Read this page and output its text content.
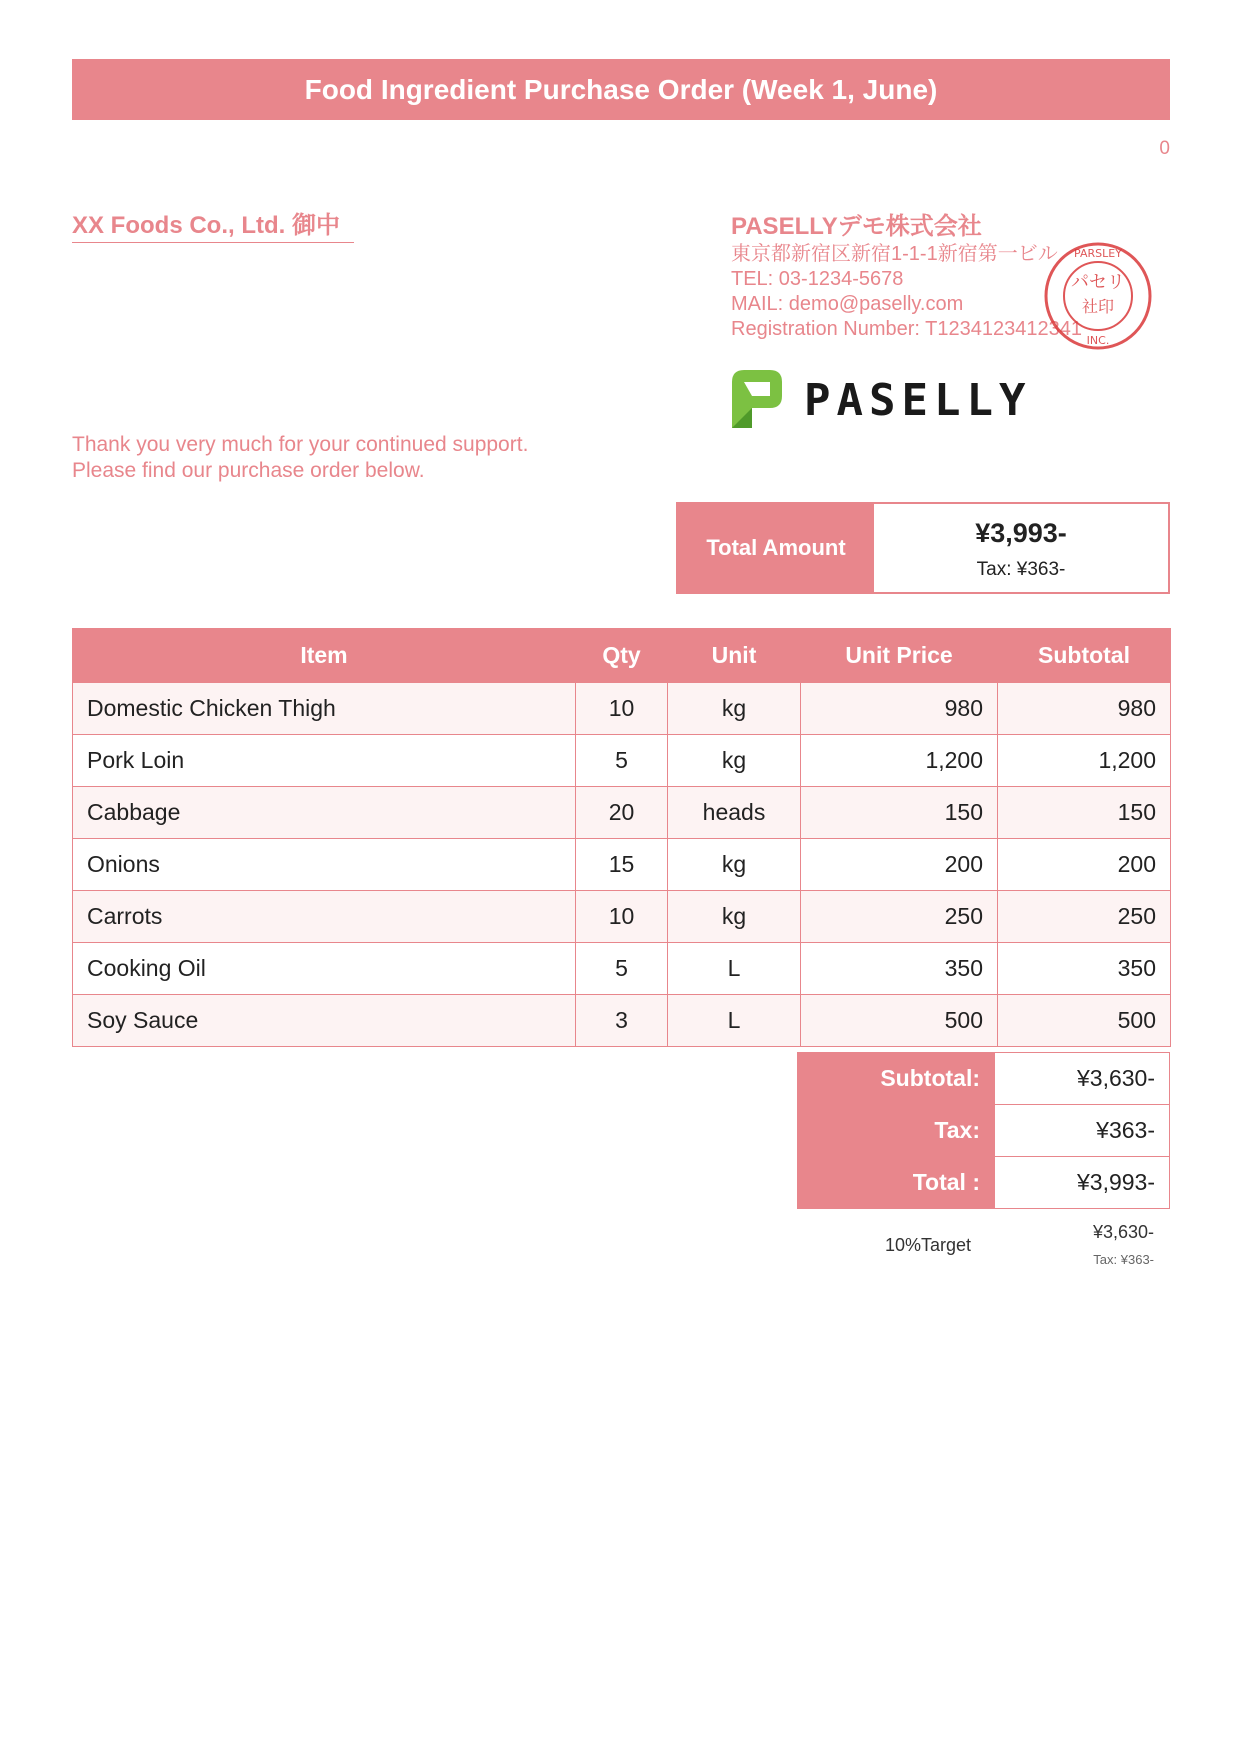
Food Ingredient Purchase Order (Week 1, June)
0
XX Foods Co., Ltd. 御中	PASELLYデモ株式会社
東京都新宿区新宿1-1-1新宿第一ビル
TEL: 03-1234-5678
MAIL: demo@paselly.com
Registration Number: T1234123412341
パセリ
社印
PARSLEY
INC.
PASELLY
Thank you very much for your continued support.
Please find our purchase order below.
Total Amount	¥3,993-
Tax: ¥363-
Item	Qty	Unit	Unit Price	Subtotal
Domestic Chicken Thigh	10	kg	980	980
Pork Loin	5	kg	1,200	1,200
Cabbage	20	heads	150	150
Onions	15	kg	200	200
Carrots	10	kg	250	250
Cooking Oil	5	L	350	350
Soy Sauce	3	L	500	500
Subtotal:	¥3,630-
Tax:	¥363-
Total :	¥3,993-
10%Target
¥3,630-
Tax: ¥363-
